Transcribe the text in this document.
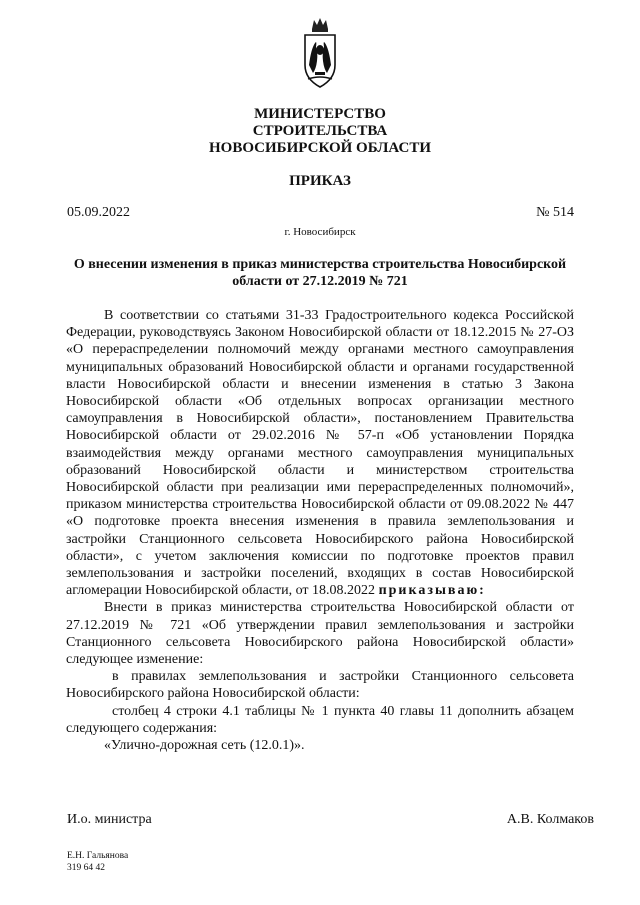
МИНИСТЕРСТВО
СТРОИТЕЛЬСТВА
НОВОСИБИРСКОЙ ОБЛАСТИ
ПРИКАЗ
05.09.2022	№ 514
г. Новосибирск
О внесении изменения в приказ министерства строительства Новосибирской области от 27.12.2019 № 721

В соответствии со статьями 31-33 Градостроительного кодекса Российской Федерации, руководствуясь Законом Новосибирской области от 18.12.2015 № 27-ОЗ «О перераспределении полномочий между органами местного самоуправления муниципальных образований Новосибирской области и органами государственной власти Новосибирской области и внесении изменения в статью 3 Закона Новосибирской области «Об отдельных вопросах организации местного самоуправления в Новосибирской области», постановлением Правительства Новосибирской области от 29.02.2016 № 57-п «Об установлении Порядка взаимодействия между органами местного самоуправления муниципальных образований Новосибирской области и министерством строительства Новосибирской области при реализации ими перераспределенных полномочий», приказом министерства строительства Новосибирской области от 09.08.2022 № 447 «О подготовке проекта внесения изменения в правила землепользования и застройки Станционного сельсовета Новосибирского района Новосибирской области», с учетом заключения комиссии по подготовке проектов правил землепользования и застройки поселений, входящих в состав Новосибирской агломерации Новосибирской области, от 18.08.2022 приказываю:

Внести в приказ министерства строительства Новосибирской области от 27.12.2019 № 721 «Об утверждении правил землепользования и застройки Станционного сельсовета Новосибирского района Новосибирской области» следующее изменение:

в правилах землепользования и застройки Станционного сельсовета Новосибирского района Новосибирской области:

столбец 4 строки 4.1 таблицы № 1 пункта 40 главы 11 дополнить абзацем следующего содержания:

«Улично-дорожная сеть (12.0.1)».

И.о. министра	А.В. Колмаков
Е.Н. Гальянова
319 64 42
